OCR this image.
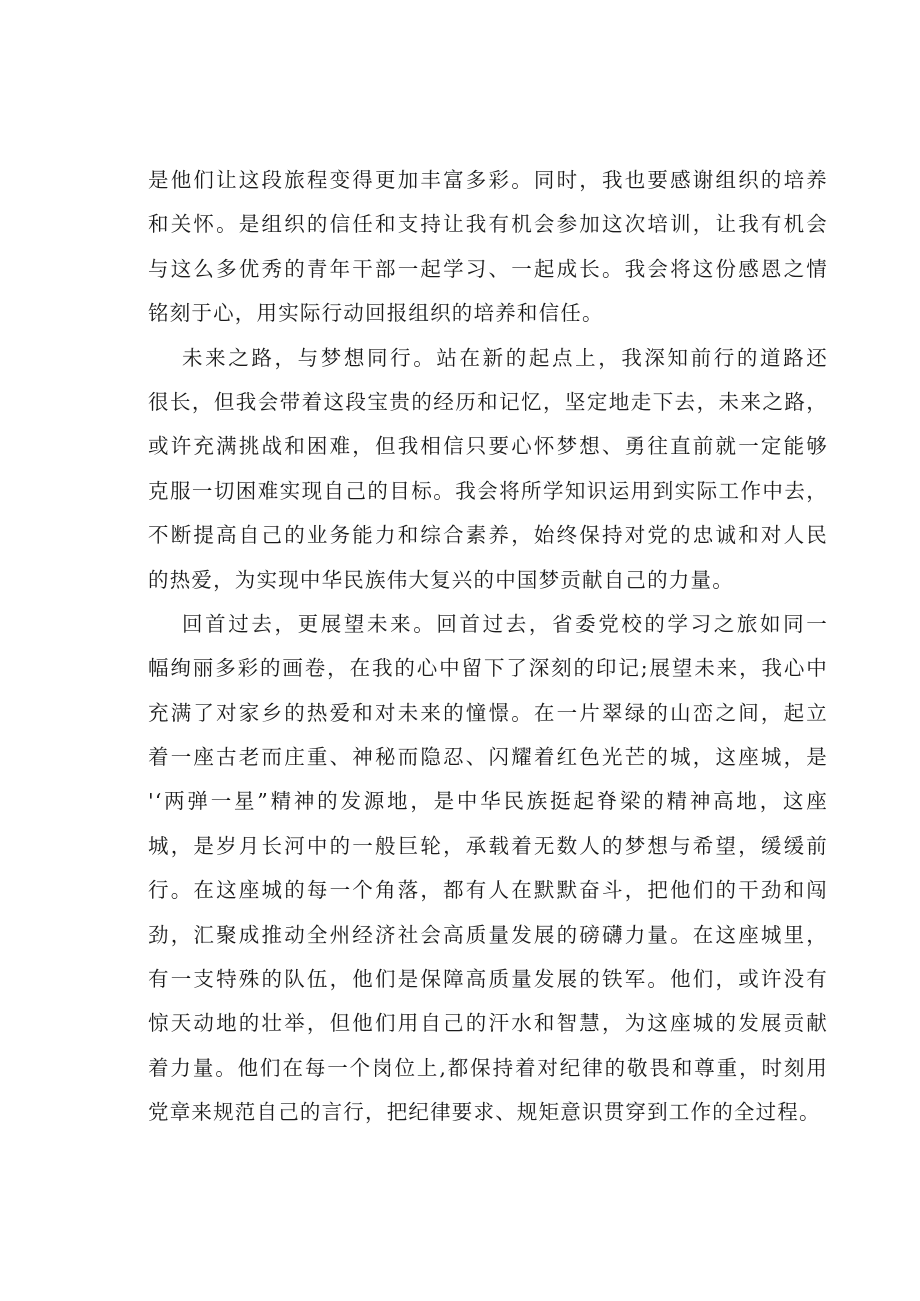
是他们让这段旅程变得更加丰富多彩。同时，我也要感谢组织的培养
和关怀。是组织的信任和支持让我有机会参加这次培训，让我有机会
与这么多优秀的青年干部一起学习、一起成长。我会将这份感恩之情
铭刻于心，用实际行动回报组织的培养和信任。
未来之路，与梦想同行。站在新的起点上，我深知前行的道路还
很长，但我会带着这段宝贵的经历和记忆，坚定地走下去，未来之路，
或许充满挑战和困难，但我相信只要心怀梦想、勇往直前就一定能够
克服一切困难实现自己的目标。我会将所学知识运用到实际工作中去，
不断提高自己的业务能力和综合素养，始终保持对党的忠诚和对人民
的热爱，为实现中华民族伟大复兴的中国梦贡献自己的力量。
回首过去，更展望未来。回首过去，省委党校的学习之旅如同一
幅绚丽多彩的画卷，在我的心中留下了深刻的印记;展望未来，我心中
充满了对家乡的热爱和对未来的憧憬。在一片翠绿的山峦之间，起立
着一座古老而庄重、神秘而隐忍、闪耀着红色光芒的城，这座城，是
'‘两弹一星”精神的发源地，是中华民族挺起脊梁的精神高地，这座
城，是岁月长河中的一般巨轮，承载着无数人的梦想与希望，缓缓前
行。在这座城的每一个角落，都有人在默默奋斗，把他们的干劲和闯
劲，汇聚成推动全州经济社会高质量发展的磅礴力量。在这座城里，
有一支特殊的队伍，他们是保障高质量发展的铁军。他们，或许没有
惊天动地的壮举，但他们用自己的汗水和智慧，为这座城的发展贡献
着力量。他们在每一个岗位上,都保持着对纪律的敬畏和尊重，时刻用
党章来规范自己的言行，把纪律要求、规矩意识贯穿到工作的全过程。
